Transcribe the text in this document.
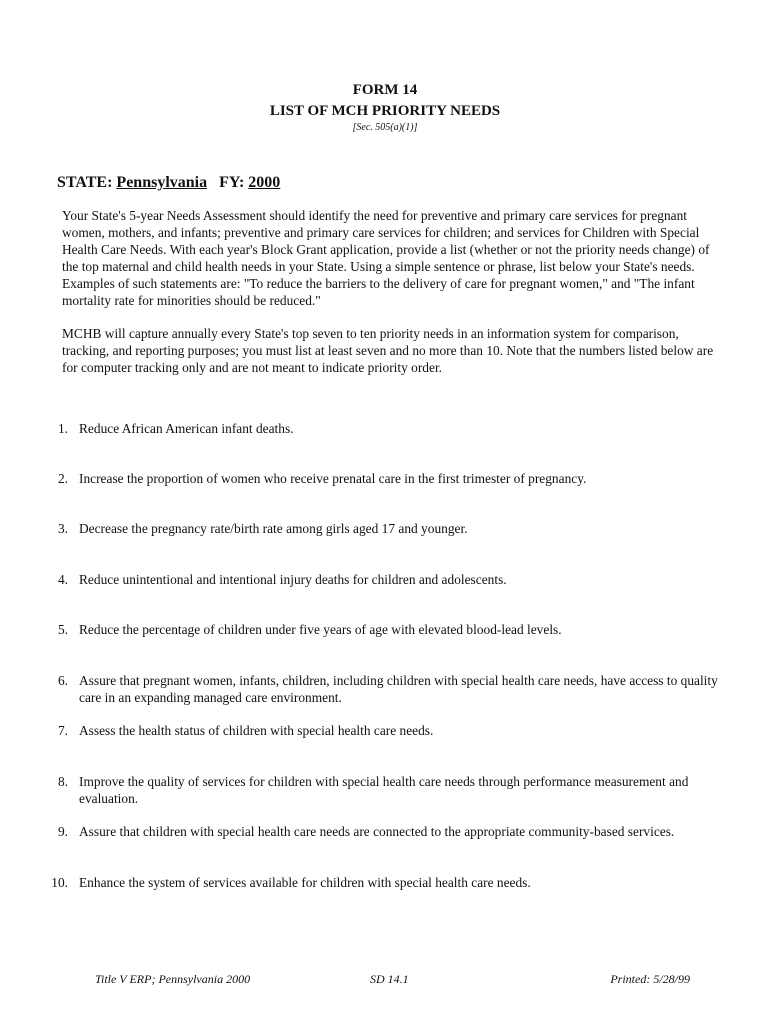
FORM 14
LIST OF MCH PRIORITY NEEDS
[Sec. 505(a)(1)]
STATE: Pennsylvania FY: 2000

Your State's 5-year Needs Assessment should identify the need for preventive and primary care services for pregnant women, mothers, and infants; preventive and primary care services for children; and services for Children with Special Health Care Needs. With each year's Block Grant application, provide a list (whether or not the priority needs change) of the top maternal and child health needs in your State. Using a simple sentence or phrase, list below your State's needs. Examples of such statements are: "To reduce the barriers to the delivery of care for pregnant women," and "The infant mortality rate for minorities should be reduced."

MCHB will capture annually every State's top seven to ten priority needs in an information system for comparison, tracking, and reporting purposes; you must list at least seven and no more than 10. Note that the numbers listed below are for computer tracking only and are not meant to indicate priority order.

1. Reduce African American infant deaths.
2. Increase the proportion of women who receive prenatal care in the first trimester of pregnancy.
3. Decrease the pregnancy rate/birth rate among girls aged 17 and younger.
4. Reduce unintentional and intentional injury deaths for children and adolescents.
5. Reduce the percentage of children under five years of age with elevated blood-lead levels.
6. Assure that pregnant women, infants, children, including children with special health care needs, have access to quality care in an expanding managed care environment.
7. Assess the health status of children with special health care needs.
8. Improve the quality of services for children with special health care needs through performance measurement and evaluation.
9. Assure that children with special health care needs are connected to the appropriate community-based services.
10. Enhance the system of services available for children with special health care needs.
Title V ERP; Pennsylvania 2000	SD 14.1	Printed: 5/28/99
